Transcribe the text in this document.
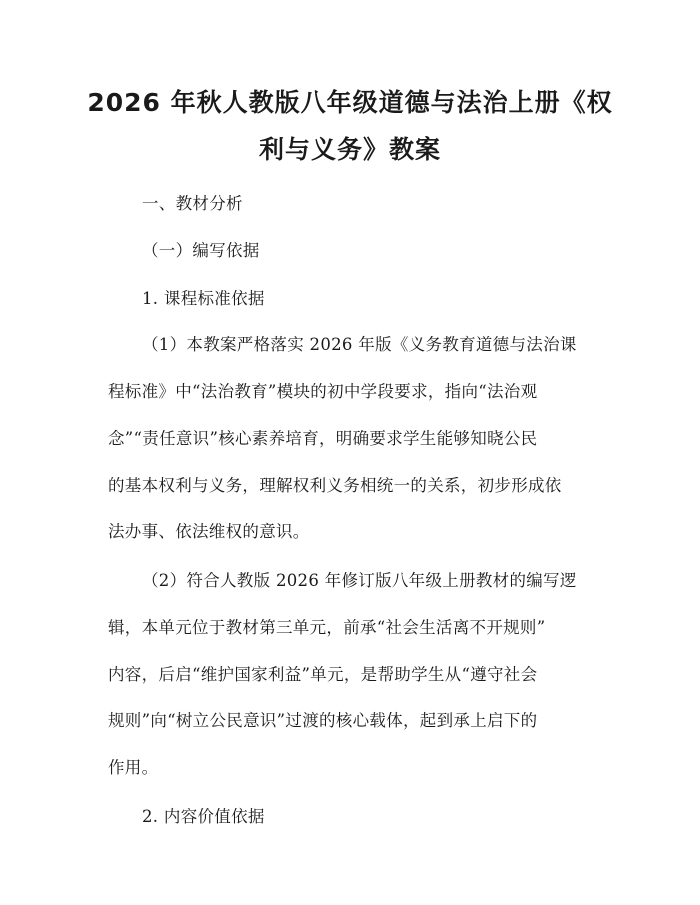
2026 年秋人教版八年级道德与法治上册《权
利与义务》教案
一、教材分析
（一）编写依据
1. 课程标准依据
（1）本教案严格落实 2026 年版《义务教育道德与法治课
程标准》中“法治教育”模块的初中学段要求，指向“法治观
念”“责任意识”核心素养培育，明确要求学生能够知晓公民
的基本权利与义务，理解权利义务相统一的关系，初步形成依
法办事、依法维权的意识。
（2）符合人教版 2026 年修订版八年级上册教材的编写逻
辑，本单元位于教材第三单元，前承“社会生活离不开规则”
内容，后启“维护国家利益”单元，是帮助学生从“遵守社会
规则”向“树立公民意识”过渡的核心载体，起到承上启下的
作用。
2. 内容价值依据
